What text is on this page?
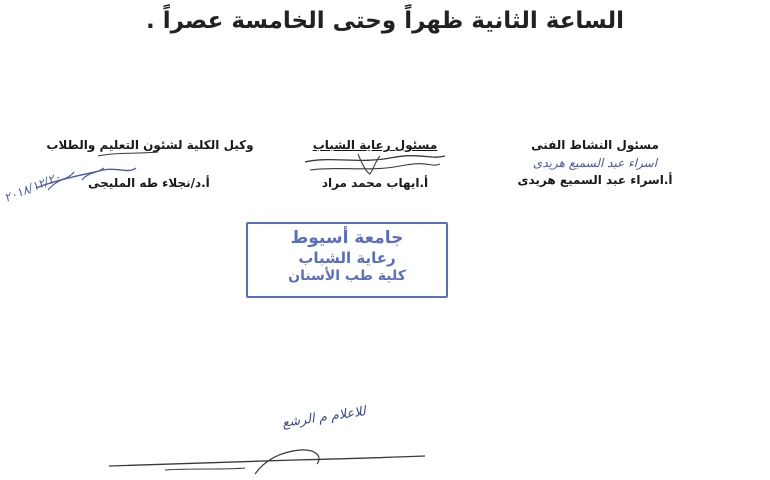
الساعة الثانية ظهراً وحتى الخامسة عصراً .
مسئول النشاط الفنى
اسراء عبد السميع هريدى
أ.اسراء عبد السميع هريدى
مسئول رعاية الشباب
أ.ايهاب محمد مراد
وكيل الكلية لشئون التعليم والطلاب
أ.د/نجلاء طه المليجى
٢٠١٨/١٢/٢٠
جامعة أسيوط
رعاية الشباب
كلية طب الأسنان
للاعلام م الرشع
